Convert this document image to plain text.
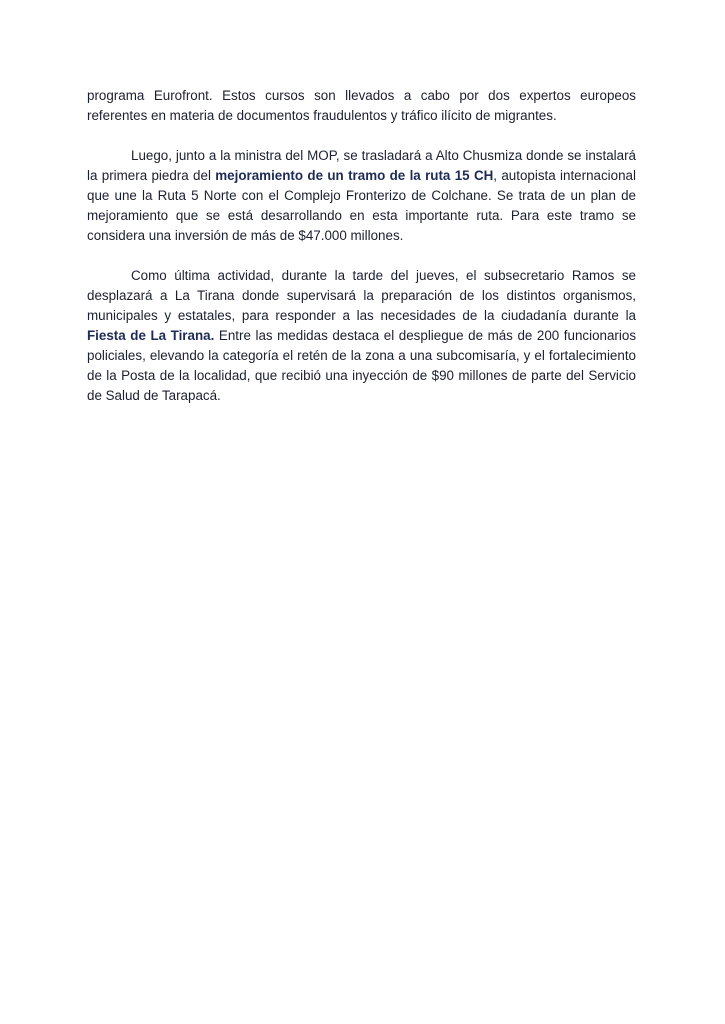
programa Eurofront. Estos cursos son llevados a cabo por dos expertos europeos referentes en materia de documentos fraudulentos y tráfico ilícito de migrantes.

Luego, junto a la ministra del MOP, se trasladará a Alto Chusmiza donde se instalará la primera piedra del mejoramiento de un tramo de la ruta 15 CH, autopista internacional que une la Ruta 5 Norte con el Complejo Fronterizo de Colchane. Se trata de un plan de mejoramiento que se está desarrollando en esta importante ruta. Para este tramo se considera una inversión de más de $47.000 millones.

Como última actividad, durante la tarde del jueves, el subsecretario Ramos se desplazará a La Tirana donde supervisará la preparación de los distintos organismos, municipales y estatales, para responder a las necesidades de la ciudadanía durante la Fiesta de La Tirana. Entre las medidas destaca el despliegue de más de 200 funcionarios policiales, elevando la categoría el retén de la zona a una subcomisaría, y el fortalecimiento de la Posta de la localidad, que recibió una inyección de $90 millones de parte del Servicio de Salud de Tarapacá.
